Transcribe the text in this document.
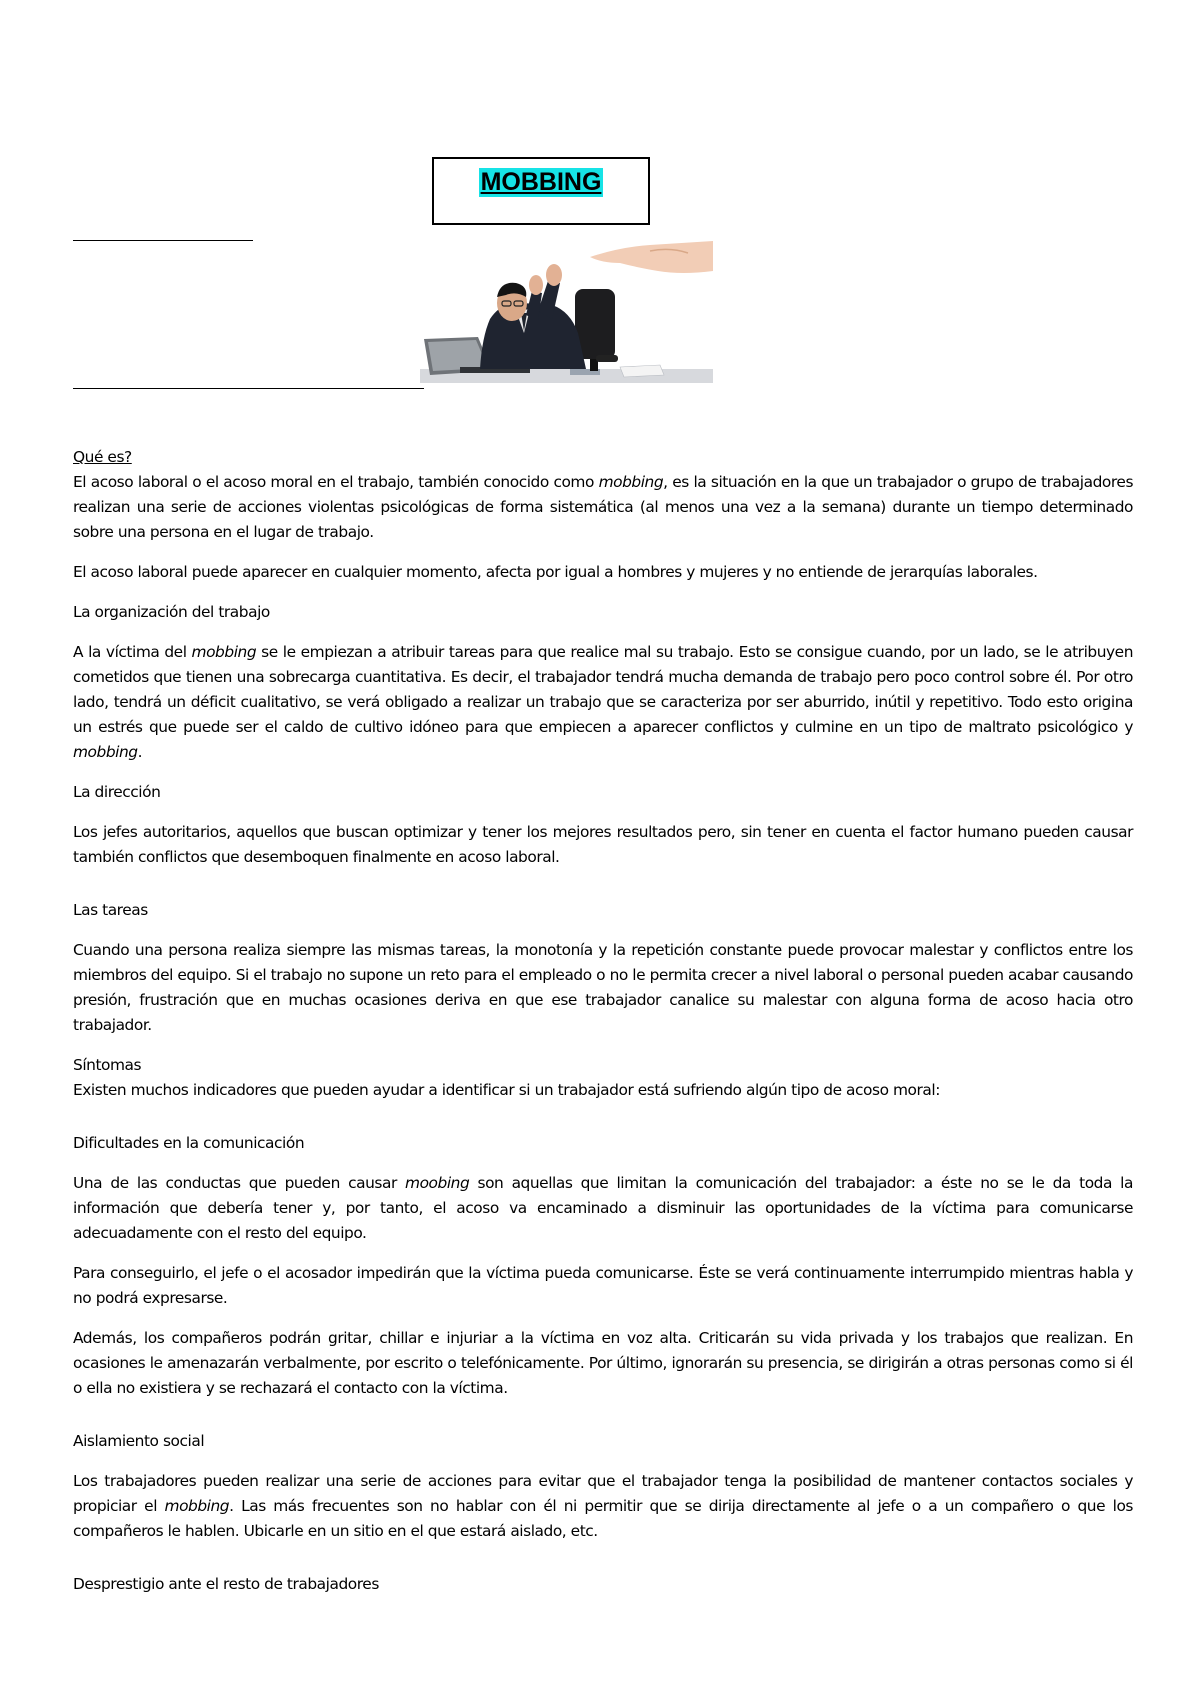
MOBBING

Qué es?

El acoso laboral o el acoso moral en el trabajo, también conocido como mobbing, es la situación en la que un trabajador o grupo de trabajadores realizan una serie de acciones violentas psicológicas de forma sistemática (al menos una vez a la semana) durante un tiempo determinado sobre una persona en el lugar de trabajo.

El acoso laboral puede aparecer en cualquier momento, afecta por igual a hombres y mujeres y no entiende de jerarquías laborales.

La organización del trabajo

A la víctima del mobbing se le empiezan a atribuir tareas para que realice mal su trabajo. Esto se consigue cuando, por un lado, se le atribuyen cometidos que tienen una sobrecarga cuantitativa. Es decir, el trabajador tendrá mucha demanda de trabajo pero poco control sobre él. Por otro lado, tendrá un déficit cualitativo, se verá obligado a realizar un trabajo que se caracteriza por ser aburrido, inútil y repetitivo. Todo esto origina un estrés que puede ser el caldo de cultivo idóneo para que empiecen a aparecer conflictos y culmine en un tipo de maltrato psicológico y mobbing.

La dirección

Los jefes autoritarios, aquellos que buscan optimizar y tener los mejores resultados pero, sin tener en cuenta el factor humano pueden causar también conflictos que desemboquen finalmente en acoso laboral.

Las tareas

Cuando una persona realiza siempre las mismas tareas, la monotonía y la repetición constante puede provocar malestar y conflictos entre los miembros del equipo. Si el trabajo no supone un reto para el empleado o no le permita crecer a nivel laboral o personal pueden acabar causando presión, frustración que en muchas ocasiones deriva en que ese trabajador canalice su malestar con alguna forma de acoso hacia otro trabajador.

Síntomas

Existen muchos indicadores que pueden ayudar a identificar si un trabajador está sufriendo algún tipo de acoso moral:

Dificultades en la comunicación

Una de las conductas que pueden causar moobing son aquellas que limitan la comunicación del trabajador: a éste no se le da toda la información que debería tener y, por tanto, el acoso va encaminado a disminuir las oportunidades de la víctima para comunicarse adecuadamente con el resto del equipo.

Para conseguirlo, el jefe o el acosador impedirán que la víctima pueda comunicarse. Éste se verá continuamente interrumpido mientras habla y no podrá expresarse.

Además, los compañeros podrán gritar, chillar e injuriar a la víctima en voz alta. Criticarán su vida privada y los trabajos que realizan. En ocasiones le amenazarán verbalmente, por escrito o telefónicamente. Por último, ignorarán su presencia, se dirigirán a otras personas como si él o ella no existiera y se rechazará el contacto con la víctima.

Aislamiento social

Los trabajadores pueden realizar una serie de acciones para evitar que el trabajador tenga la posibilidad de mantener contactos sociales y propiciar el mobbing. Las más frecuentes son no hablar con él ni permitir que se dirija directamente al jefe o a un compañero o que los compañeros le hablen. Ubicarle en un sitio en el que estará aislado, etc.

Desprestigio ante el resto de trabajadores
